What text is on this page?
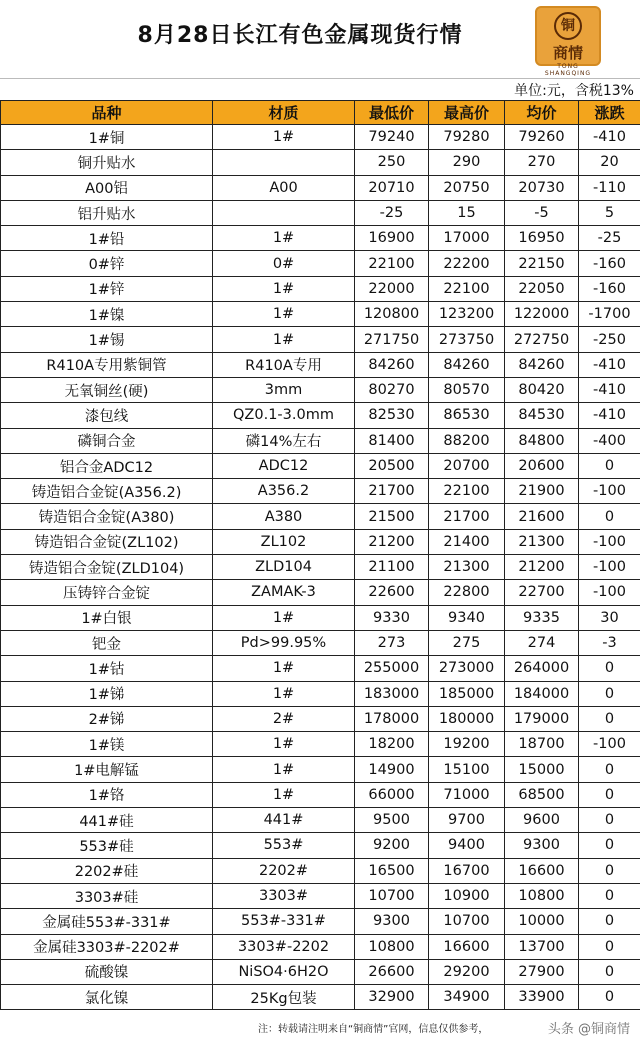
8月28日长江有色金属现货行情	铜
商情
TONG SHANGQING
单位:元，含税13%
品种	材质	最低价	最高价	均价	涨跌
1#铜	1#	79240	79280	79260	-410
铜升贴水		250	290	270	20
A00铝	A00	20710	20750	20730	-110
铝升贴水		-25	15	-5	5
1#铅	1#	16900	17000	16950	-25
0#锌	0#	22100	22200	22150	-160
1#锌	1#	22000	22100	22050	-160
1#镍	1#	120800	123200	122000	-1700
1#锡	1#	271750	273750	272750	-250
R410A专用紫铜管	R410A专用	84260	84260	84260	-410
无氧铜丝(硬)	3mm	80270	80570	80420	-410
漆包线	QZ0.1-3.0mm	82530	86530	84530	-410
磷铜合金	磷14%左右	81400	88200	84800	-400
铝合金ADC12	ADC12	20500	20700	20600	0
铸造铝合金锭(A356.2)	A356.2	21700	22100	21900	-100
铸造铝合金锭(A380)	A380	21500	21700	21600	0
铸造铝合金锭(ZL102)	ZL102	21200	21400	21300	-100
铸造铝合金锭(ZLD104)	ZLD104	21100	21300	21200	-100
压铸锌合金锭	ZAMAK-3	22600	22800	22700	-100
1#白银	1#	9330	9340	9335	30
钯金	Pd>99.95%	273	275	274	-3
1#钴	1#	255000	273000	264000	0
1#锑	1#	183000	185000	184000	0
2#锑	2#	178000	180000	179000	0
1#镁	1#	18200	19200	18700	-100
1#电解锰	1#	14900	15100	15000	0
1#铬	1#	66000	71000	68500	0
441#硅	441#	9500	9700	9600	0
553#硅	553#	9200	9400	9300	0
2202#硅	2202#	16500	16700	16600	0
3303#硅	3303#	10700	10900	10800	0
金属硅553#-331#	553#-331#	9300	10700	10000	0
金属硅3303#-2202#	3303#-2202	10800	16600	13700	0
硫酸镍	NiSO4·6H2O	26600	29200	27900	0
氯化镍	25Kg包装	32900	34900	33900	0
注：转载请注明来自“铜商情”官网，信息仅供参考，	头条 @铜商情
